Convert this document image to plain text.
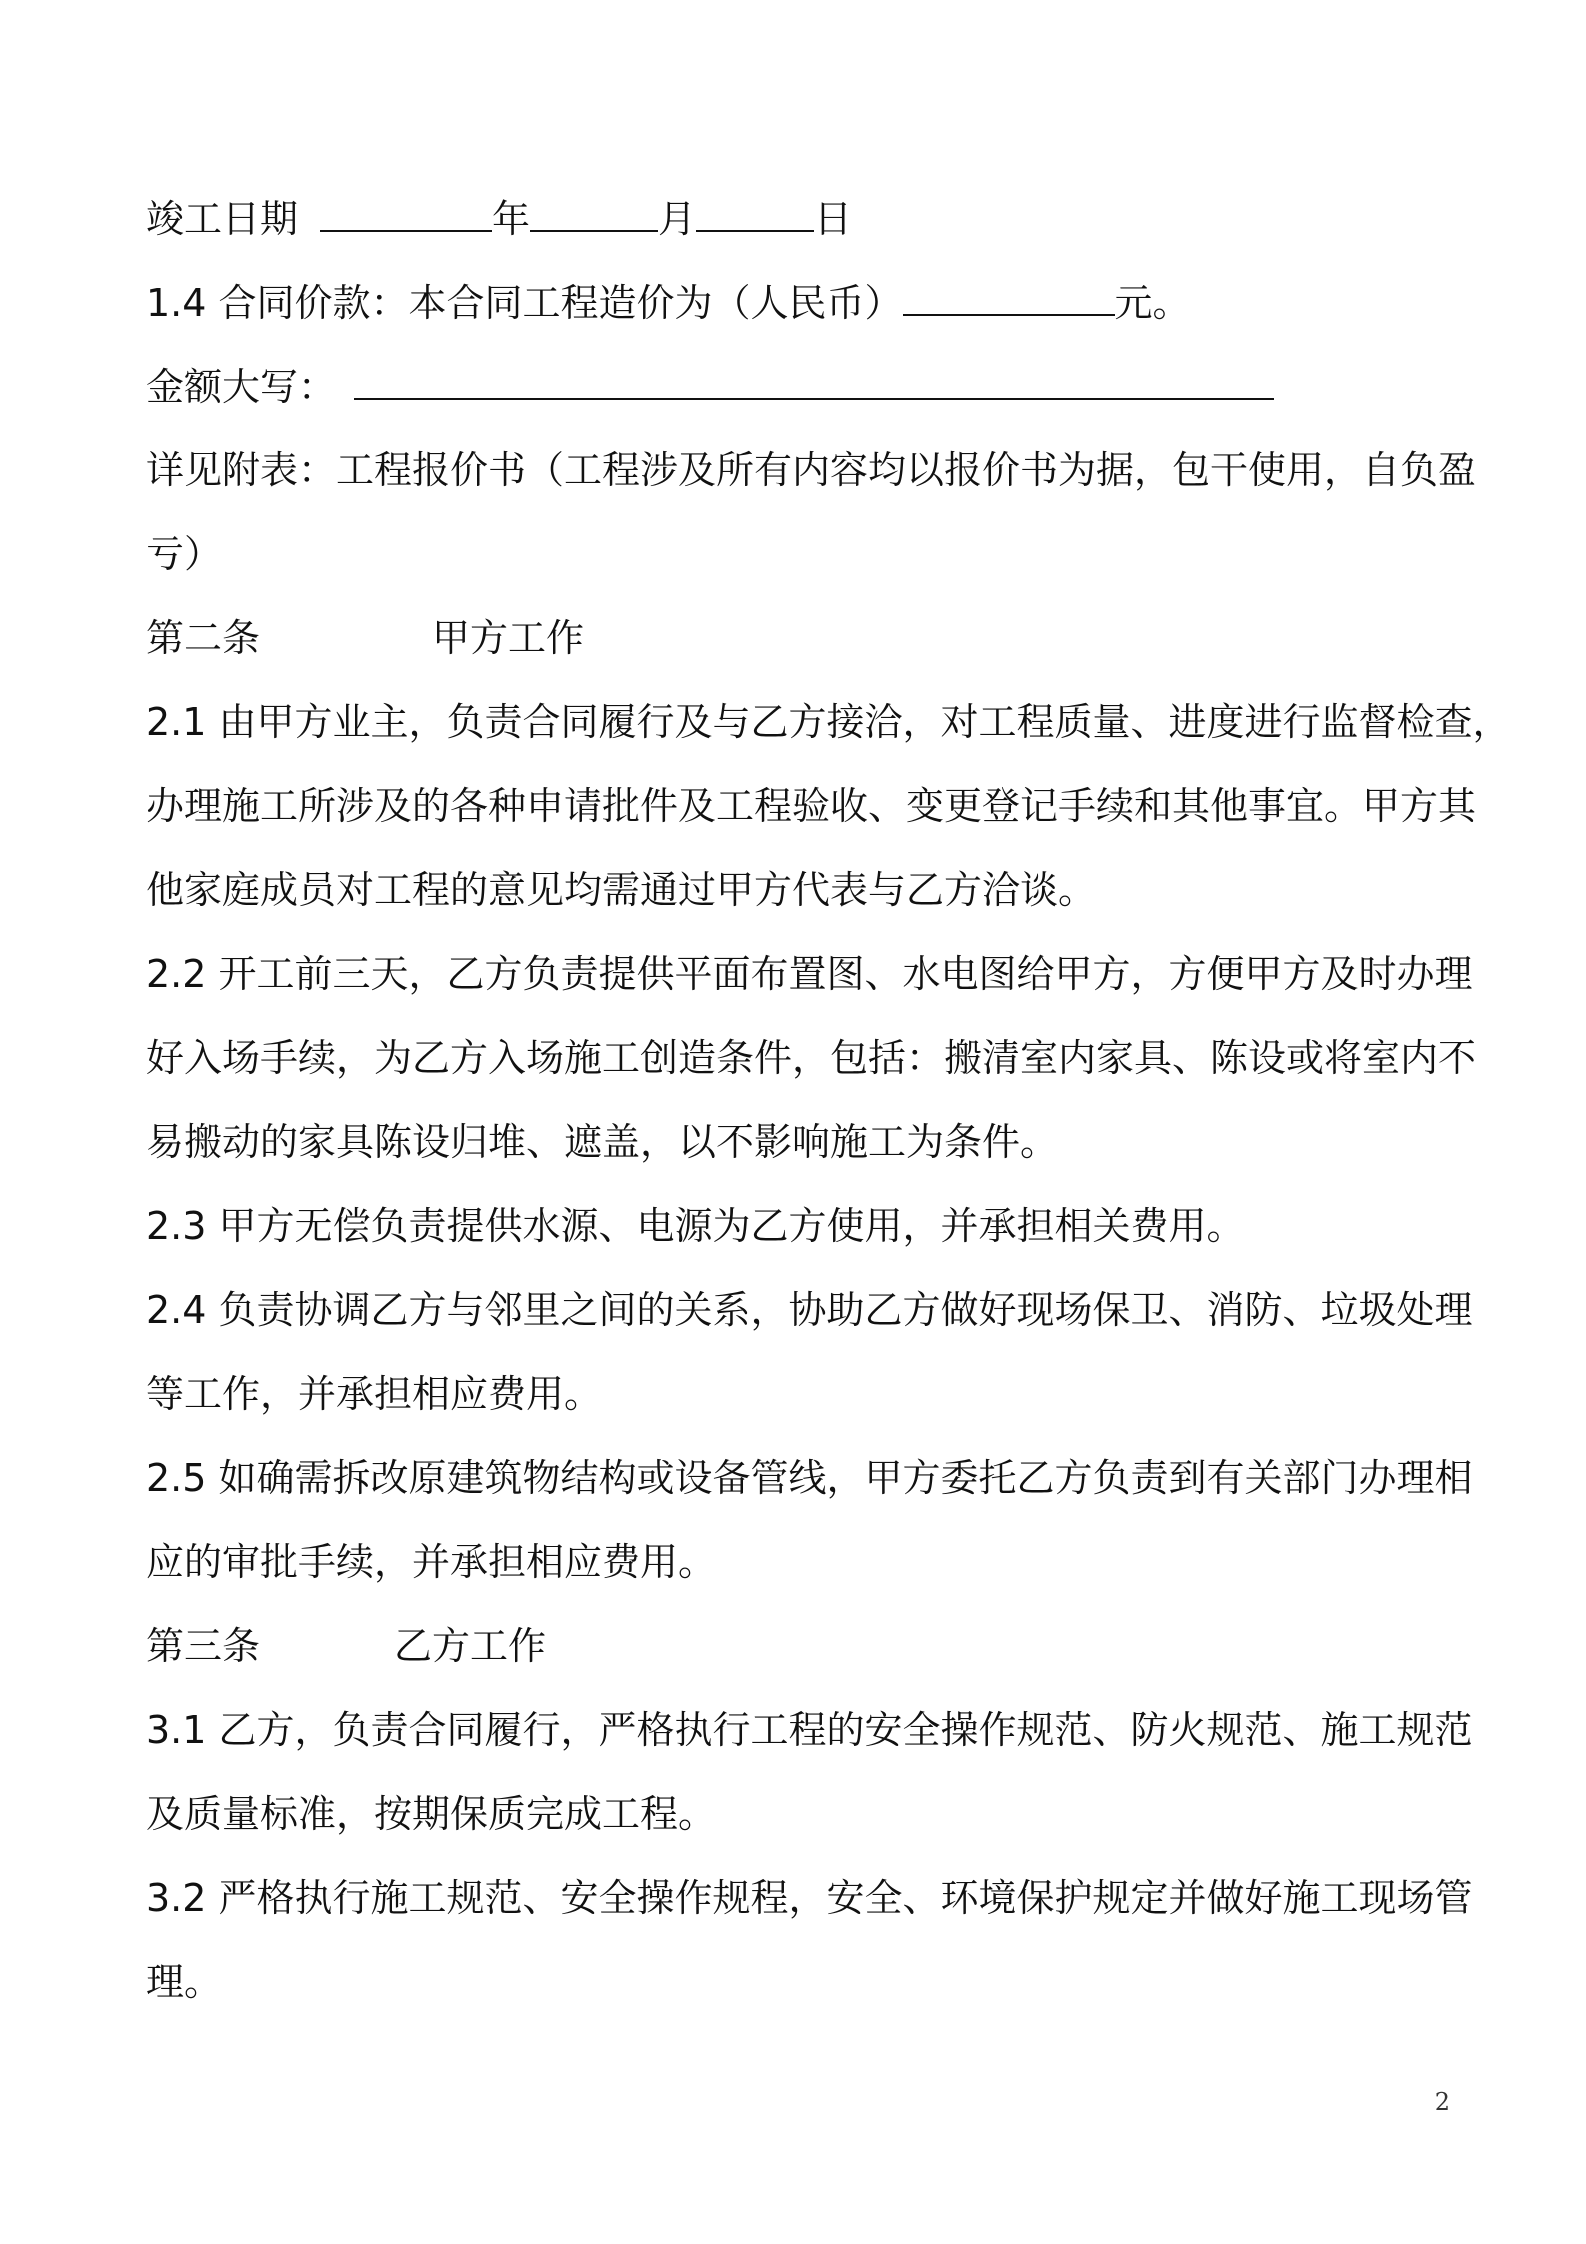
竣工日期	年	月	日
1.4 合同价款：本合同工程造价为（人民币）	元。
金额大写：
详见附表：工程报价书（工程涉及所有内容均以报价书为据，包干使用，自负盈
亏）
第二条	甲方工作
2.1 由甲方业主，负责合同履行及与乙方接洽，对工程质量、进度进行监督检查，
办理施工所涉及的各种申请批件及工程验收、变更登记手续和其他事宜。甲方其
他家庭成员对工程的意见均需通过甲方代表与乙方洽谈。
2.2 开工前三天，乙方负责提供平面布置图、水电图给甲方，方便甲方及时办理
好入场手续，为乙方入场施工创造条件，包括：搬清室内家具、陈设或将室内不
易搬动的家具陈设归堆、遮盖，以不影响施工为条件。
2.3 甲方无偿负责提供水源、电源为乙方使用，并承担相关费用。
2.4 负责协调乙方与邻里之间的关系，协助乙方做好现场保卫、消防、垃圾处理
等工作，并承担相应费用。
2.5 如确需拆改原建筑物结构或设备管线，甲方委托乙方负责到有关部门办理相
应的审批手续，并承担相应费用。
第三条	乙方工作
3.1 乙方，负责合同履行，严格执行工程的安全操作规范、防火规范、施工规范
及质量标准，按期保质完成工程。
3.2 严格执行施工规范、安全操作规程，安全、环境保护规定并做好施工现场管
理。
2
